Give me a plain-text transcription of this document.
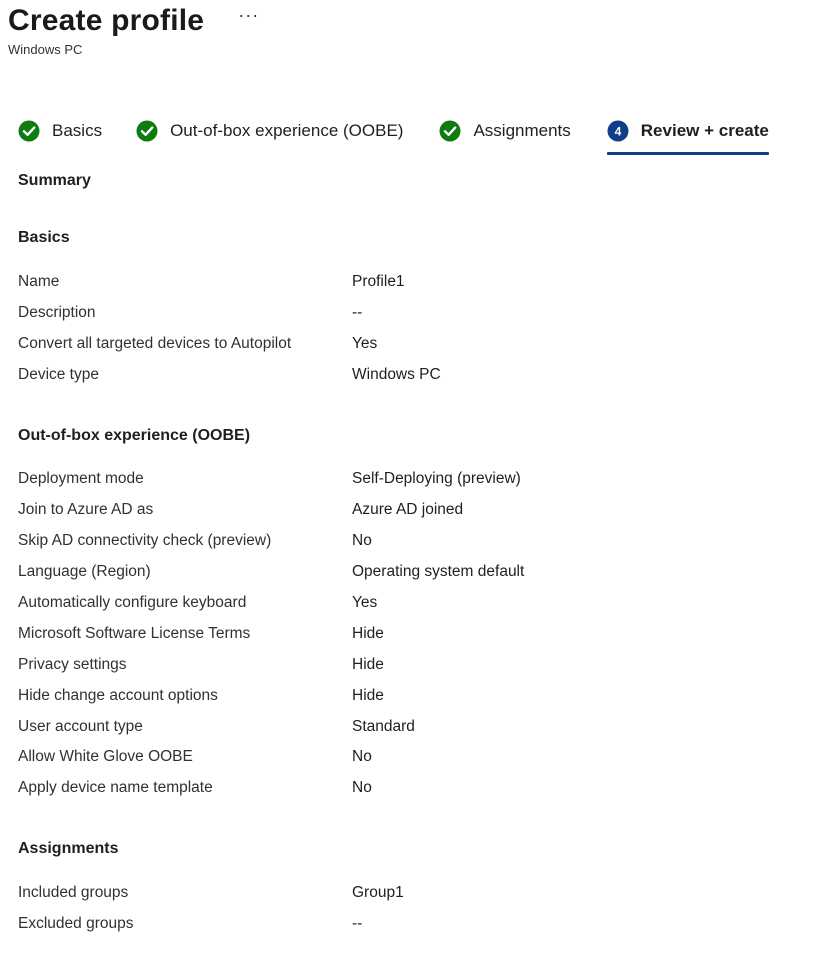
Create profile ···
Windows PC
Basics	Out-of-box experience (OOBE)	Assignments	4 Review + create
Summary
Basics
Name	Profile1
Description	--
Convert all targeted devices to Autopilot	Yes
Device type	Windows PC
Out-of-box experience (OOBE)
Deployment mode	Self-Deploying (preview)
Join to Azure AD as	Azure AD joined
Skip AD connectivity check (preview)	No
Language (Region)	Operating system default
Automatically configure keyboard	Yes
Microsoft Software License Terms	Hide
Privacy settings	Hide
Hide change account options	Hide
User account type	Standard
Allow White Glove OOBE	No
Apply device name template	No
Assignments
Included groups	Group1
Excluded groups	--
